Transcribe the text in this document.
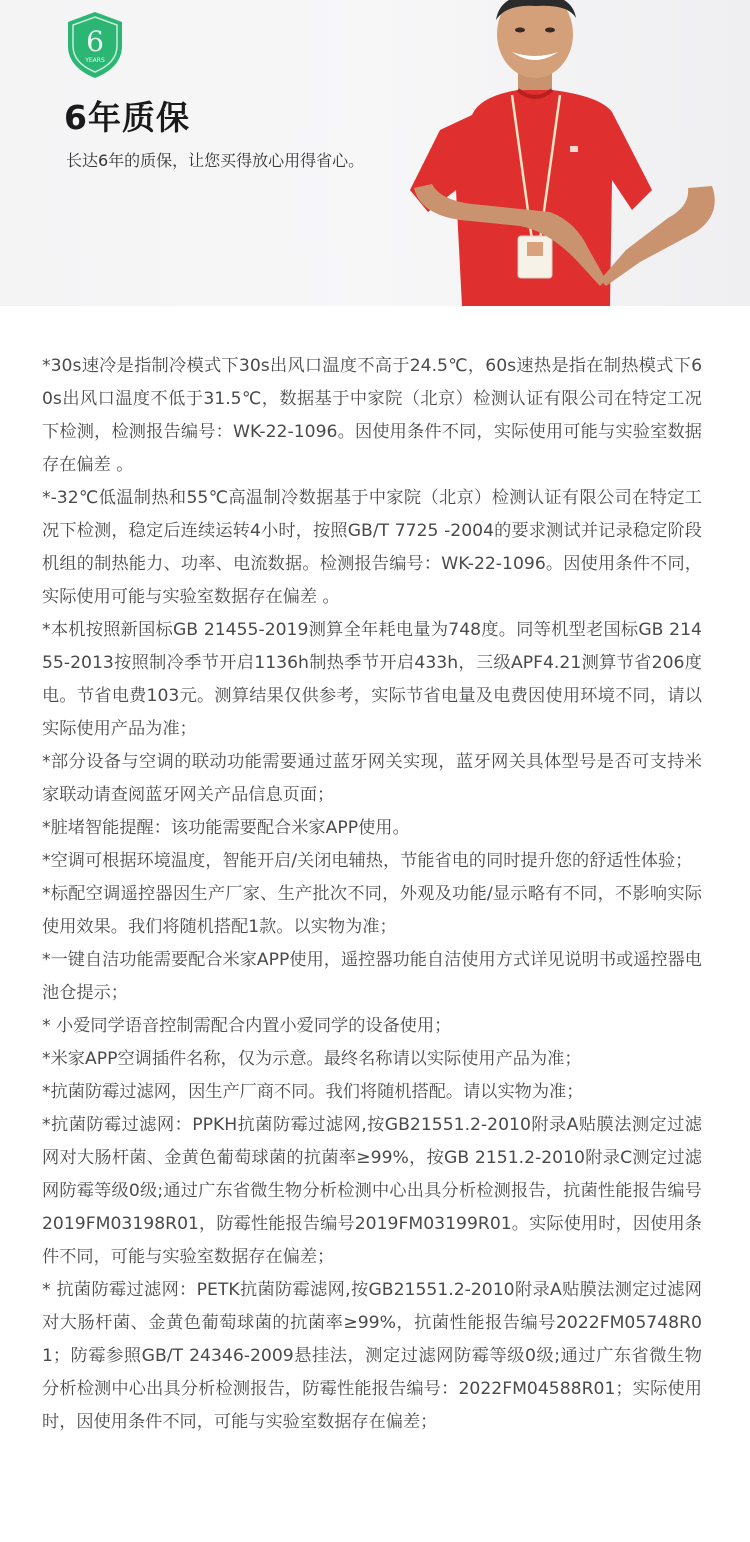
6
YEARS
6年质保

长达6年的质保，让您买得放心用得省心。

*30s速冷是指制冷模式下30s出风口温度不高于24.5℃，60s速热是指在制热模式下60s出风口温度不低于31.5℃，数据基于中家院（北京）检测认证有限公司在特定工况下检测，检测报告编号：WK-22-1096。因使用条件不同，实际使用可能与实验室数据存在偏差 。

*-32℃低温制热和55℃高温制冷数据基于中家院（北京）检测认证有限公司在特定工况下检测，稳定后连续运转4小时，按照GB/T 7725 -2004的要求测试并记录稳定阶段机组的制热能力、功率、电流数据。检测报告编号：WK-22-1096。因使用条件不同，实际使用可能与实验室数据存在偏差 。

*本机按照新国标GB 21455-2019测算全年耗电量为748度。同等机型老国标GB 21455-2013按照制冷季节开启1136h制热季节开启433h，三级APF4.21测算节省206度电。节省电费103元。测算结果仅供参考，实际节省电量及电费因使用环境不同，请以实际使用产品为准；

*部分设备与空调的联动功能需要通过蓝牙网关实现，蓝牙网关具体型号是否可支持米家联动请查阅蓝牙网关产品信息页面；

*脏堵智能提醒：该功能需要配合米家APP使用。

*空调可根据环境温度，智能开启/关闭电辅热，节能省电的同时提升您的舒适性体验；

*标配空调遥控器因生产厂家、生产批次不同，外观及功能/显示略有不同，不影响实际使用效果。我们将随机搭配1款。以实物为准；

*一键自洁功能需要配合米家APP使用，遥控器功能自洁使用方式详见说明书或遥控器电池仓提示；

* 小爱同学语音控制需配合内置小爱同学的设备使用；

*米家APP空调插件名称，仅为示意。最终名称请以实际使用产品为准；

*抗菌防霉过滤网，因生产厂商不同。我们将随机搭配。请以实物为准；

*抗菌防霉过滤网：PPKH抗菌防霉过滤网,按GB21551.2-2010附录A贴膜法测定过滤网对大肠杆菌、金黄色葡萄球菌的抗菌率≥99%，按GB 2151.2-2010附录C测定过滤网防霉等级0级;通过广东省微生物分析检测中心出具分析检测报告，抗菌性能报告编号2019FM03198R01，防霉性能报告编号2019FM03199R01。实际使用时，因使用条件不同，可能与实验室数据存在偏差；

* 抗菌防霉过滤网：PETK抗菌防霉滤网,按GB21551.2-2010附录A贴膜法测定过滤网对大肠杆菌、金黄色葡萄球菌的抗菌率≥99%，抗菌性能报告编号2022FM05748R01；防霉参照GB/T 24346-2009悬挂法，测定过滤网防霉等级0级;通过广东省微生物分析检测中心出具分析检测报告，防霉性能报告编号：2022FM04588R01；实际使用时，因使用条件不同，可能与实验室数据存在偏差；
